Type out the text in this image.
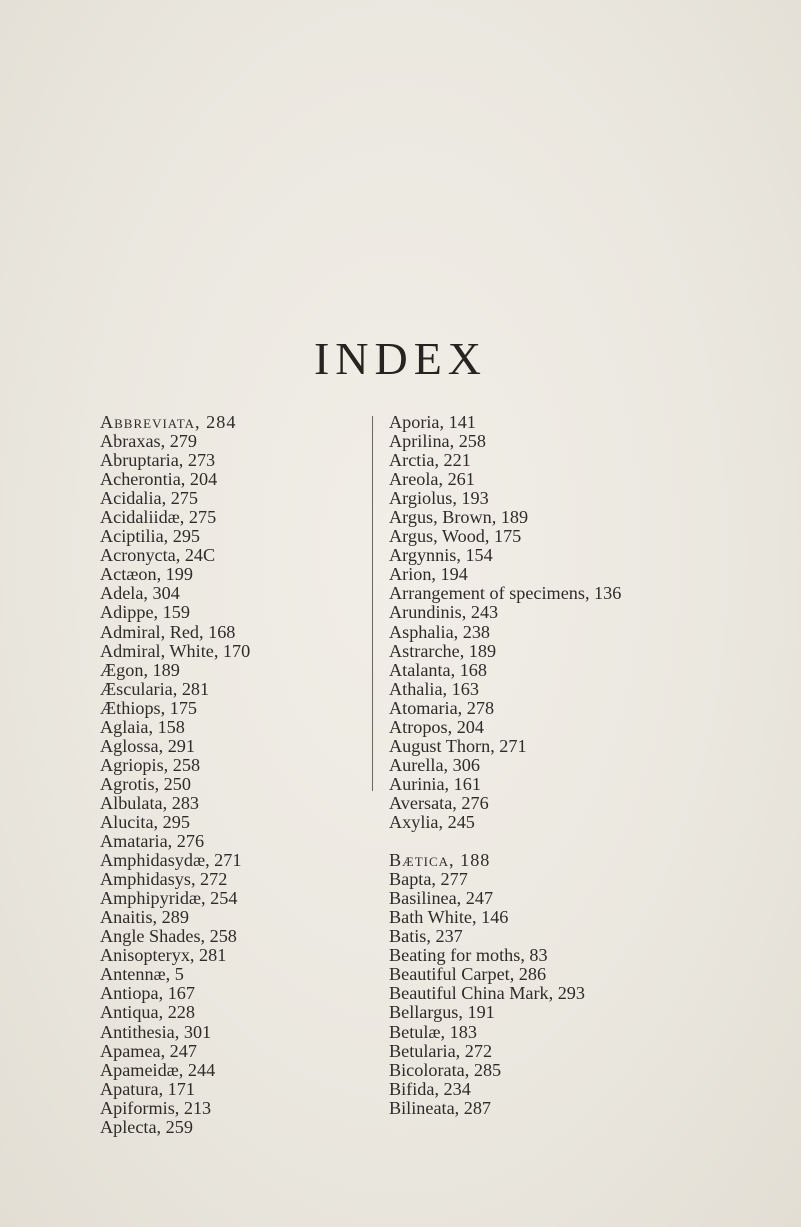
INDEX
Abbreviata, 284
Abraxas, 279
Abruptaria, 273
Acherontia, 204
Acidalia, 275
Acidaliidæ, 275
Aciptilia, 295
Acronycta, 24C
Actæon, 199
Adela, 304
Adippe, 159
Admiral, Red, 168
Admiral, White, 170
Ægon, 189
Æscularia, 281
Æthiops, 175
Aglaia, 158
Aglossa, 291
Agriopis, 258
Agrotis, 250
Albulata, 283
Alucita, 295
Amataria, 276
Amphidasydæ, 271
Amphidasys, 272
Amphipyridæ, 254
Anaitis, 289
Angle Shades, 258
Anisopteryx, 281
Antennæ, 5
Antiopa, 167
Antiqua, 228
Antithesia, 301
Apamea, 247
Apameidæ, 244
Apatura, 171
Apiformis, 213
Aplecta, 259
Aporia, 141
Aprilina, 258
Arctia, 221
Areola, 261
Argiolus, 193
Argus, Brown, 189
Argus, Wood, 175
Argynnis, 154
Arion, 194
Arrangement of specimens, 136
Arundinis, 243
Asphalia, 238
Astrarche, 189
Atalanta, 168
Athalia, 163
Atomaria, 278
Atropos, 204
August Thorn, 271
Aurella, 306
Aurinia, 161
Aversata, 276
Axylia, 245
Bætica, 188
Bapta, 277
Basilinea, 247
Bath White, 146
Batis, 237
Beating for moths, 83
Beautiful Carpet, 286
Beautiful China Mark, 293
Bellargus, 191
Betulæ, 183
Betularia, 272
Bicolorata, 285
Bifida, 234
Bilineata, 287
